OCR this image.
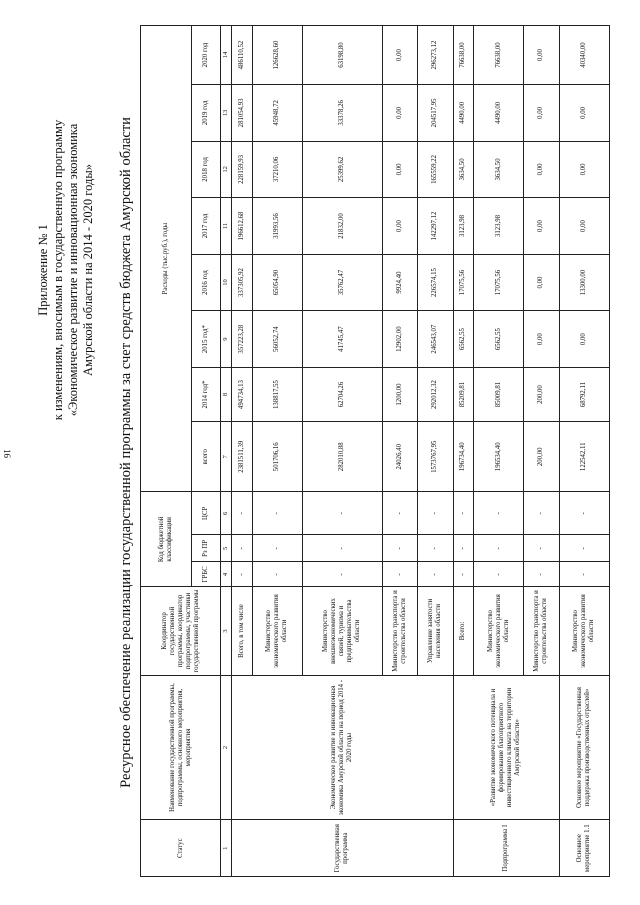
16
Приложение № 1 к изменениям, вносимым в государственную программу «Экономическое развитие и инновационная экономика Амурской области на 2014 - 2020 годы» Ресурсное обеспечение реализации государственной программы за счет средств бюджета Амурской области
Статус	Наименование государственной программы, подпрограммы, основного мероприятия, мероприятия	Координатор государственной программы, координатор подпрограммы, участники государственной программы	Код бюджетной классификации			Расходы (тыс.руб.), годы							
			ГРБС	Рз ПР	ЦСР	всего	2014 год*	2015 год*	2016 год	2017 год	2018 год	2019 год	2020 год
1	2	3	4	5	6	7	8	9	10	11	12	13	14
Государственная программа	Экономическое развитие и инновационная экономика Амурской области на период 2014 - 2020 годы	Всего, в том числе	-	-	-	2381511,39	494734,13	357223,28	337305,92	196612,68	228159,93	281054,93	486110,52
		Министерство экономического развития области	-	-	-	501706,16	138817,55	56052,74	65054,90	31993,56	37210,06	45948,72	126628,60
		Министерство внешнеэкономических связей, туризма и предпринимательства области	-	-	-	282010,88	62704,26	41745,47	35762,47	21832,00	25399,62	33378,26	63198,80
		Министерство транспорта и строительства области	-	-	-	24026,40	1200,00	12902,00	9924,40	0,00	0,00	0,00	0,00
		Управление занятости населения области	-	-	-	1573767,95	292012,32	246543,07	226574,15	142297,12	165559,22	204517,95	296273,12
Подпрограмма I	«Развитие экономического потенциала и формирование благоприятного инвестиционного климата на территории Амурской области»	Всего:	-	-	-	196734,40	85209,81	6562,55	17075,56	3123,98	3634,50	4490,00	76638,00
		Министерство экономического развития области	-	-	-	196534,40	85009,81	6562,55	17075,56	3123,98	3634,50	4490,00	76638,00
		Министерство транспорта и строительства области	-	-	-	200,00	200,00	0,00	0,00	0,00	0,00	0,00	0,00
Основное мероприятие 1.1	Основное мероприятие «Государственная поддержка производственных отраслей»	Министерство экономического развития области	-	-	-	122542,11	68792,11	0,00	13300,00	0,00	0,00	0,00	40340,00
